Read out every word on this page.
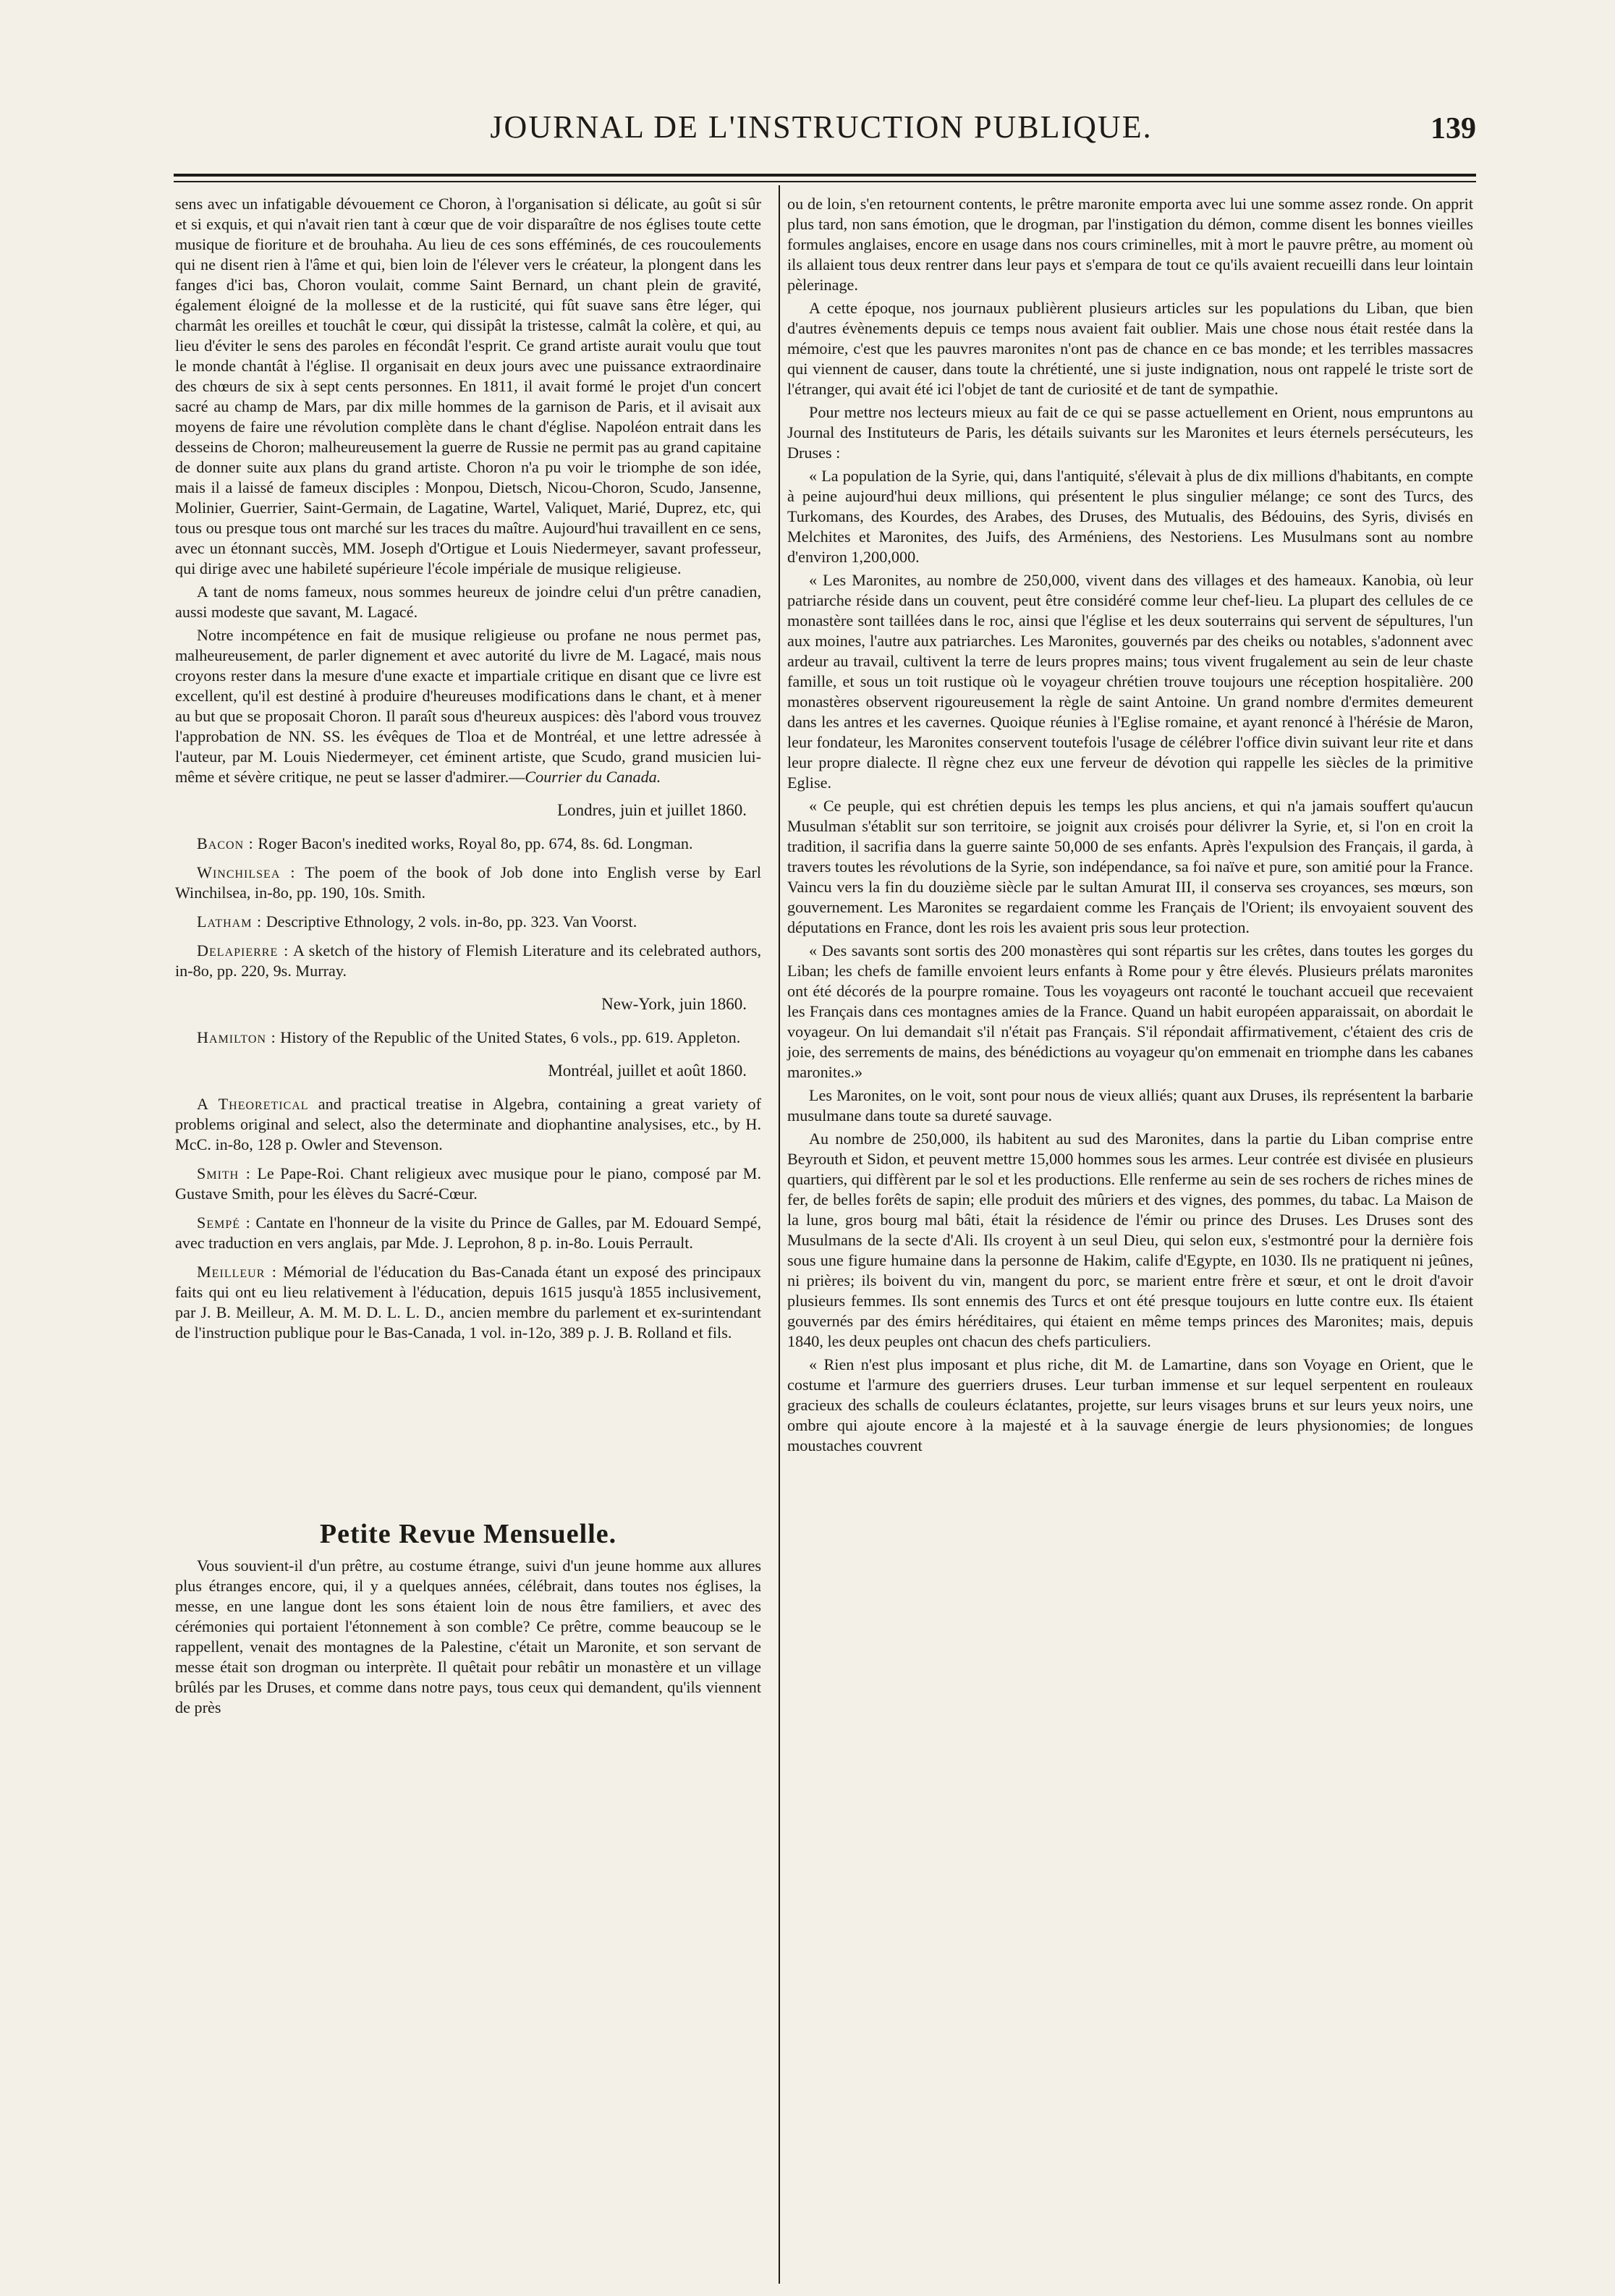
JOURNAL DE L'INSTRUCTION PUBLIQUE.	139

sens avec un infatigable dévouement ce Choron, à l'organisation si délicate, au goût si sûr et si exquis, et qui n'avait rien tant à cœur que de voir disparaître de nos églises toute cette musique de fioriture et de brouhaha. Au lieu de ces sons efféminés, de ces roucoulements qui ne disent rien à l'âme et qui, bien loin de l'élever vers le créateur, la plongent dans les fanges d'ici bas, Choron voulait, comme Saint Bernard, un chant plein de gravité, également éloigné de la mollesse et de la rusticité, qui fût suave sans être léger, qui charmât les oreilles et touchât le cœur, qui dissipât la tristesse, calmât la colère, et qui, au lieu d'éviter le sens des paroles en fécondât l'esprit. Ce grand artiste aurait voulu que tout le monde chantât à l'église. Il organisait en deux jours avec une puissance extraordinaire des chœurs de six à sept cents personnes. En 1811, il avait formé le projet d'un concert sacré au champ de Mars, par dix mille hommes de la garnison de Paris, et il avisait aux moyens de faire une révolution complète dans le chant d'église. Napoléon entrait dans les desseins de Choron; malheureusement la guerre de Russie ne permit pas au grand capitaine de donner suite aux plans du grand artiste. Choron n'a pu voir le triomphe de son idée, mais il a laissé de fameux disciples : Monpou, Dietsch, Nicou-Choron, Scudo, Jansenne, Molinier, Guerrier, Saint-Germain, de Lagatine, Wartel, Valiquet, Marié, Duprez, etc, qui tous ou presque tous ont marché sur les traces du maître. Aujourd'hui travaillent en ce sens, avec un étonnant succès, MM. Joseph d'Ortigue et Louis Niedermeyer, savant professeur, qui dirige avec une habileté supérieure l'école impériale de musique religieuse.

A tant de noms fameux, nous sommes heureux de joindre celui d'un prêtre canadien, aussi modeste que savant, M. Lagacé.

Notre incompétence en fait de musique religieuse ou profane ne nous permet pas, malheureusement, de parler dignement et avec autorité du livre de M. Lagacé, mais nous croyons rester dans la mesure d'une exacte et impartiale critique en disant que ce livre est excellent, qu'il est destiné à produire d'heureuses modifications dans le chant, et à mener au but que se proposait Choron. Il paraît sous d'heureux auspices: dès l'abord vous trouvez l'approbation de NN. SS. les évêques de Tloa et de Montréal, et une lettre adressée à l'auteur, par M. Louis Niedermeyer, cet éminent artiste, que Scudo, grand musicien lui-même et sévère critique, ne peut se lasser d'admirer.—Courrier du Canada.

Londres, juin et juillet 1860.

Bacon : Roger Bacon's inedited works, Royal 8o, pp. 674, 8s. 6d. Longman.

Winchilsea : The poem of the book of Job done into English verse by Earl Winchilsea, in-8o, pp. 190, 10s. Smith.

Latham : Descriptive Ethnology, 2 vols. in-8o, pp. 323. Van Voorst.

Delapierre : A sketch of the history of Flemish Literature and its celebrated authors, in-8o, pp. 220, 9s. Murray.

New-York, juin 1860.

Hamilton : History of the Republic of the United States, 6 vols., pp. 619. Appleton.

Montréal, juillet et août 1860.

A Theoretical and practical treatise in Algebra, containing a great variety of problems original and select, also the determinate and diophantine analysises, etc., by H. McC. in-8o, 128 p. Owler and Stevenson.

Smith : Le Pape-Roi. Chant religieux avec musique pour le piano, composé par M. Gustave Smith, pour les élèves du Sacré-Cœur.

Sempé : Cantate en l'honneur de la visite du Prince de Galles, par M. Edouard Sempé, avec traduction en vers anglais, par Mde. J. Leprohon, 8 p. in-8o. Louis Perrault.

Meilleur : Mémorial de l'éducation du Bas-Canada étant un exposé des principaux faits qui ont eu lieu relativement à l'éducation, depuis 1615 jusqu'à 1855 inclusivement, par J. B. Meilleur, A. M. M. D. L. L. D., ancien membre du parlement et ex-surintendant de l'instruction publique pour le Bas-Canada, 1 vol. in-12o, 389 p. J. B. Rolland et fils.

Petite Revue Mensuelle.

Vous souvient-il d'un prêtre, au costume étrange, suivi d'un jeune homme aux allures plus étranges encore, qui, il y a quelques années, célébrait, dans toutes nos églises, la messe, en une langue dont les sons étaient loin de nous être familiers, et avec des cérémonies qui portaient l'étonnement à son comble? Ce prêtre, comme beaucoup se le rappellent, venait des montagnes de la Palestine, c'était un Maronite, et son servant de messe était son drogman ou interprète. Il quêtait pour rebâtir un monastère et un village brûlés par les Druses, et comme dans notre pays, tous ceux qui demandent, qu'ils viennent de près

ou de loin, s'en retournent contents, le prêtre maronite emporta avec lui une somme assez ronde. On apprit plus tard, non sans émotion, que le drogman, par l'instigation du démon, comme disent les bonnes vieilles formules anglaises, encore en usage dans nos cours criminelles, mit à mort le pauvre prêtre, au moment où ils allaient tous deux rentrer dans leur pays et s'empara de tout ce qu'ils avaient recueilli dans leur lointain pèlerinage.

A cette époque, nos journaux publièrent plusieurs articles sur les populations du Liban, que bien d'autres évènements depuis ce temps nous avaient fait oublier. Mais une chose nous était restée dans la mémoire, c'est que les pauvres maronites n'ont pas de chance en ce bas monde; et les terribles massacres qui viennent de causer, dans toute la chrétienté, une si juste indignation, nous ont rappelé le triste sort de l'étranger, qui avait été ici l'objet de tant de curiosité et de tant de sympathie.

Pour mettre nos lecteurs mieux au fait de ce qui se passe actuellement en Orient, nous empruntons au Journal des Instituteurs de Paris, les détails suivants sur les Maronites et leurs éternels persécuteurs, les Druses :

« La population de la Syrie, qui, dans l'antiquité, s'élevait à plus de dix millions d'habitants, en compte à peine aujourd'hui deux millions, qui présentent le plus singulier mélange; ce sont des Turcs, des Turkomans, des Kourdes, des Arabes, des Druses, des Mutualis, des Bédouins, des Syris, divisés en Melchites et Maronites, des Juifs, des Arméniens, des Nestoriens. Les Musulmans sont au nombre d'environ 1,200,000.

« Les Maronites, au nombre de 250,000, vivent dans des villages et des hameaux. Kanobia, où leur patriarche réside dans un couvent, peut être considéré comme leur chef-lieu. La plupart des cellules de ce monastère sont taillées dans le roc, ainsi que l'église et les deux souterrains qui servent de sépultures, l'un aux moines, l'autre aux patriarches. Les Maronites, gouvernés par des cheiks ou notables, s'adonnent avec ardeur au travail, cultivent la terre de leurs propres mains; tous vivent frugalement au sein de leur chaste famille, et sous un toit rustique où le voyageur chrétien trouve toujours une réception hospitalière. 200 monastères observent rigoureusement la règle de saint Antoine. Un grand nombre d'ermites demeurent dans les antres et les cavernes. Quoique réunies à l'Eglise romaine, et ayant renoncé à l'hérésie de Maron, leur fondateur, les Maronites conservent toutefois l'usage de célébrer l'office divin suivant leur rite et dans leur propre dialecte. Il règne chez eux une ferveur de dévotion qui rappelle les siècles de la primitive Eglise.

« Ce peuple, qui est chrétien depuis les temps les plus anciens, et qui n'a jamais souffert qu'aucun Musulman s'établit sur son territoire, se joignit aux croisés pour délivrer la Syrie, et, si l'on en croit la tradition, il sacrifia dans la guerre sainte 50,000 de ses enfants. Après l'expulsion des Français, il garda, à travers toutes les révolutions de la Syrie, son indépendance, sa foi naïve et pure, son amitié pour la France. Vaincu vers la fin du douzième siècle par le sultan Amurat III, il conserva ses croyances, ses mœurs, son gouvernement. Les Maronites se regardaient comme les Français de l'Orient; ils envoyaient souvent des députations en France, dont les rois les avaient pris sous leur protection.

« Des savants sont sortis des 200 monastères qui sont répartis sur les crêtes, dans toutes les gorges du Liban; les chefs de famille envoient leurs enfants à Rome pour y être élevés. Plusieurs prélats maronites ont été décorés de la pourpre romaine. Tous les voyageurs ont raconté le touchant accueil que recevaient les Français dans ces montagnes amies de la France. Quand un habit européen apparaissait, on abordait le voyageur. On lui demandait s'il n'était pas Français. S'il répondait affirmativement, c'étaient des cris de joie, des serrements de mains, des bénédictions au voyageur qu'on emmenait en triomphe dans les cabanes maronites.»

Les Maronites, on le voit, sont pour nous de vieux alliés; quant aux Druses, ils représentent la barbarie musulmane dans toute sa dureté sauvage.

Au nombre de 250,000, ils habitent au sud des Maronites, dans la partie du Liban comprise entre Beyrouth et Sidon, et peuvent mettre 15,000 hommes sous les armes. Leur contrée est divisée en plusieurs quartiers, qui diffèrent par le sol et les productions. Elle renferme au sein de ses rochers de riches mines de fer, de belles forêts de sapin; elle produit des mûriers et des vignes, des pommes, du tabac. La Maison de la lune, gros bourg mal bâti, était la résidence de l'émir ou prince des Druses. Les Druses sont des Musulmans de la secte d'Ali. Ils croyent à un seul Dieu, qui selon eux, s'estmontré pour la dernière fois sous une figure humaine dans la personne de Hakim, calife d'Egypte, en 1030. Ils ne pratiquent ni jeûnes, ni prières; ils boivent du vin, mangent du porc, se marient entre frère et sœur, et ont le droit d'avoir plusieurs femmes. Ils sont ennemis des Turcs et ont été presque toujours en lutte contre eux. Ils étaient gouvernés par des émirs héréditaires, qui étaient en même temps princes des Maronites; mais, depuis 1840, les deux peuples ont chacun des chefs particuliers.

« Rien n'est plus imposant et plus riche, dit M. de Lamartine, dans son Voyage en Orient, que le costume et l'armure des guerriers druses. Leur turban immense et sur lequel serpentent en rouleaux gracieux des schalls de couleurs éclatantes, projette, sur leurs visages bruns et sur leurs yeux noirs, une ombre qui ajoute encore à la majesté et à la sauvage énergie de leurs physionomies; de longues moustaches couvrent
